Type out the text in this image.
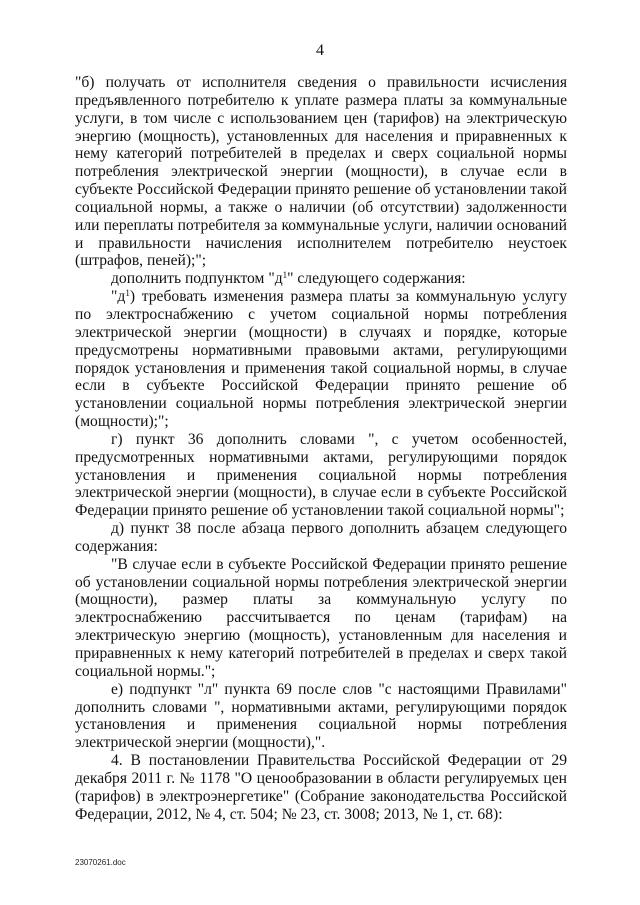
4

"б) получать от исполнителя сведения о правильности исчисления предъявленного потребителю к уплате размера платы за коммунальные услуги, в том числе с использованием цен (тарифов) на электрическую энергию (мощность), установленных для населения и приравненных к нему категорий потребителей в пределах и сверх социальной нормы потребления электрической энергии (мощности), в случае если в субъекте Российской Федерации принято решение об установлении такой социальной нормы, а также о наличии (об отсутствии) задолженности или переплаты потребителя за коммунальные услуги, наличии оснований и правильности начисления исполнителем потребителю неустоек (штрафов, пеней);";

дополнить подпунктом "$д^1$" следующего содержания:

"$д^1$) требовать изменения размера платы за коммунальную услугу по электроснабжению с учетом социальной нормы потребления электрической энергии (мощности) в случаях и порядке, которые предусмотрены нормативными правовыми актами, регулирующими порядок установления и применения такой социальной нормы, в случае если в субъекте Российской Федерации принято решение об установлении социальной нормы потребления электрической энергии (мощности);";

г) пункт 36 дополнить словами ", с учетом особенностей, предусмотренных нормативными актами, регулирующими порядок установления и применения социальной нормы потребления электрической энергии (мощности), в случае если в субъекте Российской Федерации принято решение об установлении такой социальной нормы";

д) пункт 38 после абзаца первого дополнить абзацем следующего содержания:

"В случае если в субъекте Российской Федерации принято решение об установлении социальной нормы потребления электрической энергии (мощности), размер платы за коммунальную услугу по электроснабжению рассчитывается по ценам (тарифам) на электрическую энергию (мощность), установленным для населения и приравненных к нему категорий потребителей в пределах и сверх такой социальной нормы.";

е) подпункт "л" пункта 69 после слов "с настоящими Правилами" дополнить словами ", нормативными актами, регулирующими порядок установления и применения социальной нормы потребления электрической энергии (мощности),".

4. В постановлении Правительства Российской Федерации от 29 декабря 2011 г. № 1178 "О ценообразовании в области регулируемых цен (тарифов) в электроэнергетике" (Собрание законодательства Российской Федерации, 2012, № 4, ст. 504; № 23, ст. 3008; 2013, № 1, ст. 68):

23070261.doc
